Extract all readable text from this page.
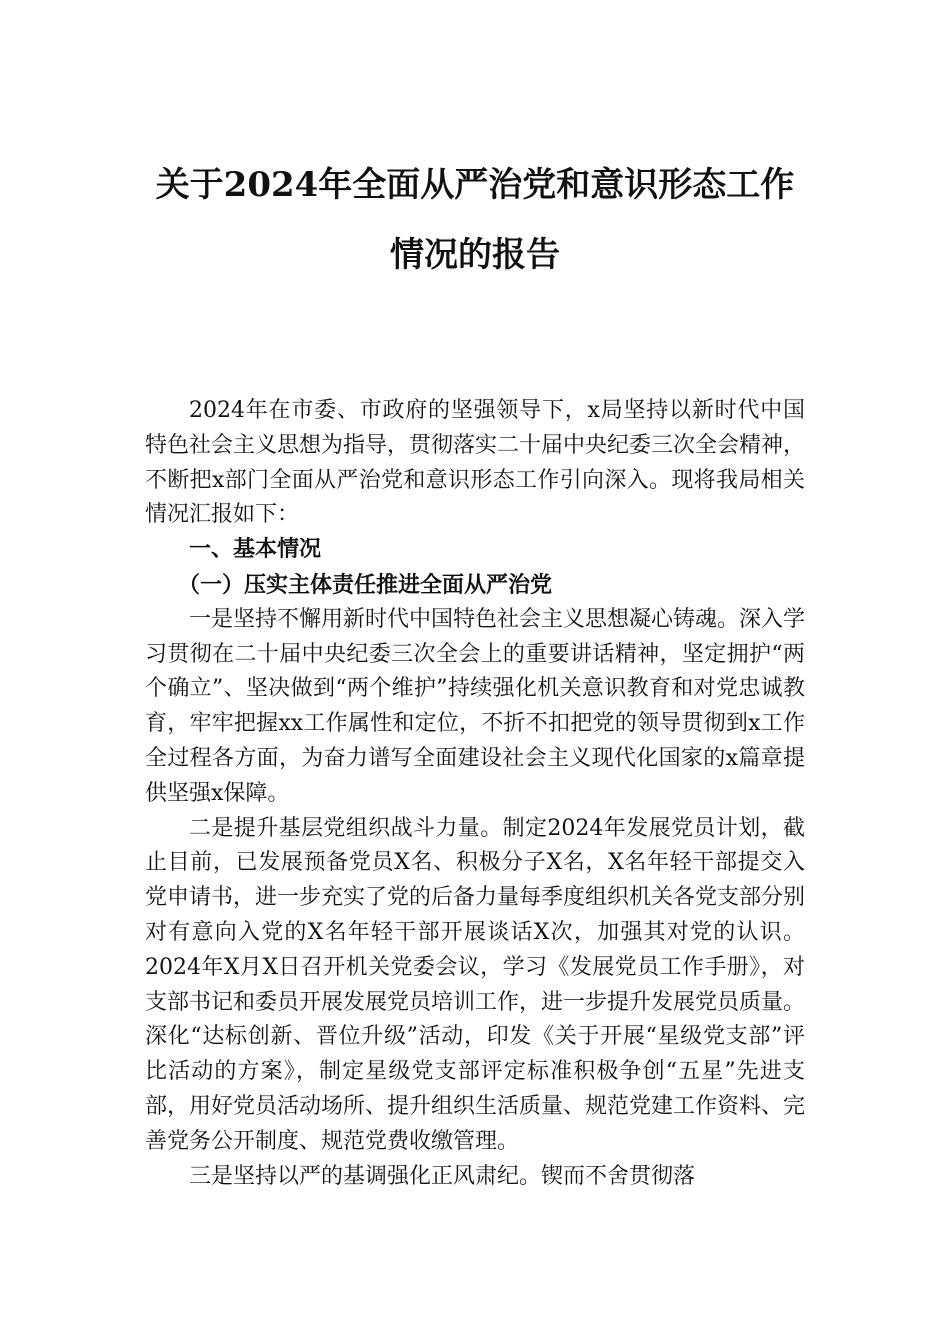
关于2024年全面从严治党和意识形态工作
情况的报告

2024年在市委、市政府的坚强领导下，x局坚持以新时代中国特色社会主义思想为指导，贯彻落实二十届中央纪委三次全会精神，不断把x部门全面从严治党和意识形态工作引向深入。现将我局相关情况汇报如下：

一、基本情况

（一）压实主体责任推进全面从严治党

一是坚持不懈用新时代中国特色社会主义思想凝心铸魂。深入学习贯彻在二十届中央纪委三次全会上的重要讲话精神，坚定拥护“两个确立”、坚决做到“两个维护”持续强化机关意识教育和对党忠诚教育，牢牢把握xx工作属性和定位，不折不扣把党的领导贯彻到x工作全过程各方面，为奋力谱写全面建设社会主义现代化国家的x篇章提供坚强x保障。

二是提升基层党组织战斗力量。制定2024年发展党员计划，截止目前，已发展预备党员X名、积极分子X名，X名年轻干部提交入党申请书，进一步充实了党的后备力量每季度组织机关各党支部分别对有意向入党的X名年轻干部开展谈话X次，加强其对党的认识。2024年X月X日召开机关党委会议，学习《发展党员工作手册》，对支部书记和委员开展发展党员培训工作，进一步提升发展党员质量。深化“达标创新、晋位升级”活动，印发《关于开展“星级党支部”评比活动的方案》，制定星级党支部评定标准积极争创“五星”先进支部，用好党员活动场所、提升组织生活质量、规范党建工作资料、完善党务公开制度、规范党费收缴管理。

三是坚持以严的基调强化正风肃纪。锲而不舍贯彻落
